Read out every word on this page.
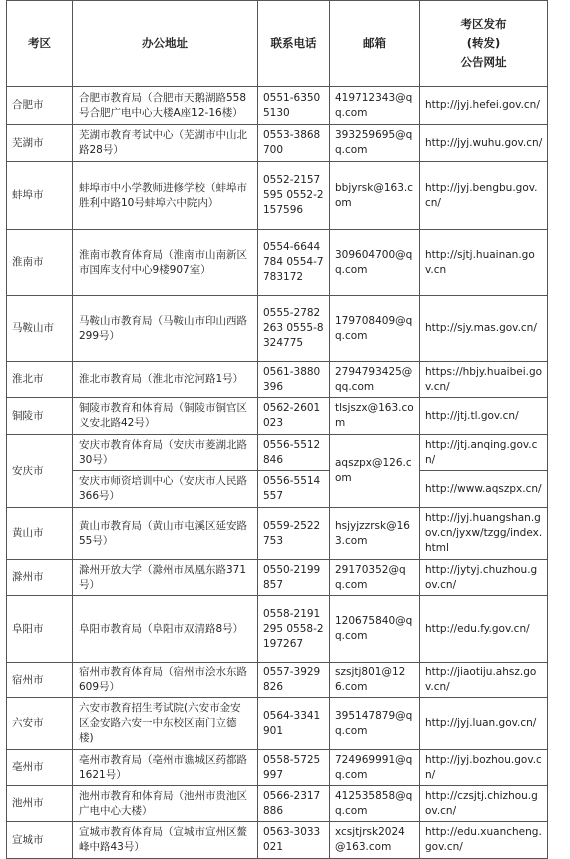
考区	办公地址	联系电话	邮箱	考区发布
(转发)
公告网址

合肥市	合肥市教育局（合肥市天鹅湖路558号合肥广电中心大楼A座12-16楼）	0551-63505130	419712343@qq.com	http://jyj.hefei.gov.cn/
芜湖市	芜湖市教育考试中心（芜湖市中山北路28号）	0553-3868700	393259695@qq.com	http://jyj.wuhu.gov.cn/
蚌埠市	蚌埠市中小学教师进修学校（蚌埠市胜利中路10号蚌埠六中院内）	0552-2157595 0552-2157596	bbjyrsk@163.com	http://jyj.bengbu.gov.cn/
淮南市	淮南市教育体育局（淮南市山南新区市国库支付中心9楼907室）	0554-6644784 0554-7783172	309604700@qq.com	http://sjtj.huainan.gov.cn
马鞍山市	马鞍山市教育局（马鞍山市印山西路299号）	0555-2782263 0555-8324775	179708409@qq.com	http://sjy.mas.gov.cn/
淮北市	淮北市教育局（淮北市沱河路1号）	0561-3880396	2794793425@qq.com	https://hbjy.huaibei.gov.cn/
铜陵市	铜陵市教育和体育局（铜陵市铜官区义安北路42号）	0562-2601023	tlsjszx@163.com	http://jtj.tl.gov.cn/
安庆市	安庆市教育体育局（安庆市菱湖北路30号）	0556-5512846	aqszpx@126.com	http://jtj.anqing.gov.cn/
	安庆市师资培训中心（安庆市人民路366号）	0556-5514557		http://www.aqszpx.cn/
黄山市	黄山市教育局（黄山市屯溪区延安路55号）	0559-2522753	hsjyjzzrsk@163.com	http://jyj.huangshan.gov.cn/jyxw/tzgg/index.html
滁州市	滁州开放大学（滁州市凤凰东路371号）	0550-2199857	29170352@qq.com	http://jytyj.chuzhou.gov.cn/
阜阳市	阜阳市教育局（阜阳市双清路8号）	0558-2191295 0558-2197267	120675840@qq.com	http://edu.fy.gov.cn/
宿州市	宿州市教育体育局（宿州市浍水东路609号）	0557-3929826	szsjtj801@126.com	http://jiaotiju.ahsz.gov.cn/
六安市	六安市教育招生考试院(六安市金安区金安路六安一中东校区南门立德楼)	0564-3341901	395147879@qq.com	http://jyj.luan.gov.cn/
亳州市	亳州市教育局（亳州市谯城区药都路1621号）	0558-5725997	724969991@qq.com	http://jyj.bozhou.gov.cn/
池州市	池州市教育和体育局（池州市贵池区广电中心大楼）	0566-2317886	412535858@qq.com	http://czsjtj.chizhou.gov.cn/
宣城市	宣城市教育体育局（宣城市宣州区鳌峰中路43号）	0563-3033021	xcsjtjrsk2024@163.com	http://edu.xuancheng.gov.cn/
